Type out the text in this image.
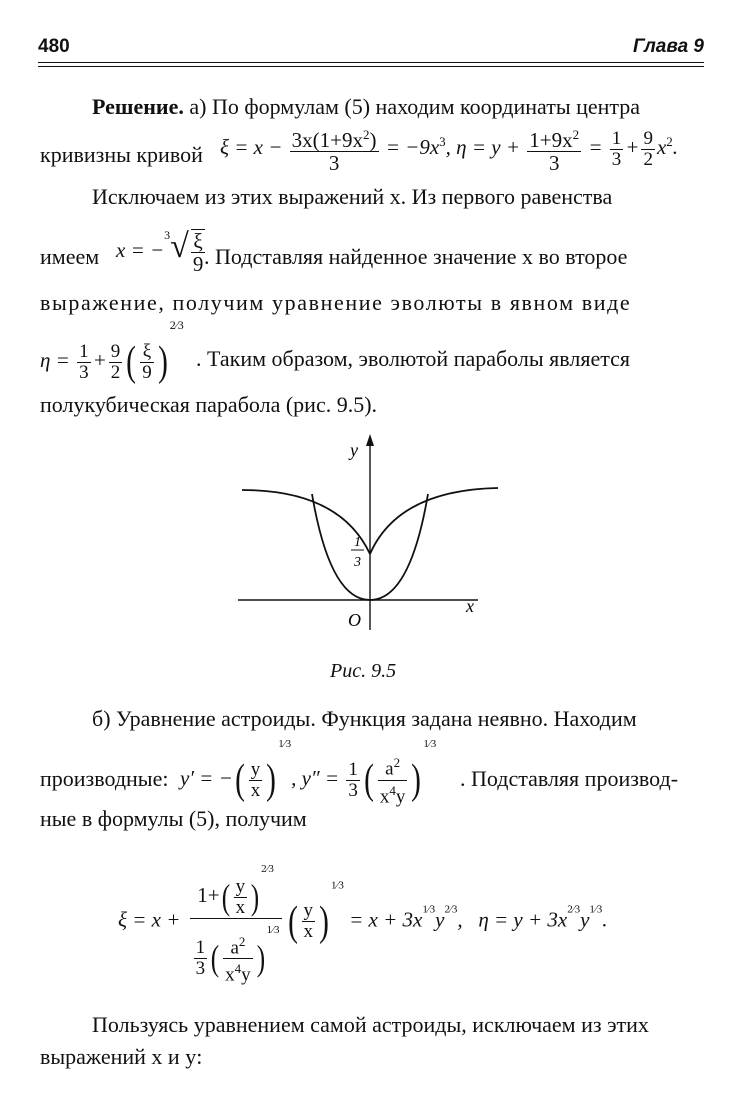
480	Глава 9
Решение. а) По формулам (5) находим координаты центра
кривизны кривой $\xi = x - \frac{3x(1+9x^2)}{3} = -9x^3$, $\eta = y + \frac{1+9x^2}{3} = \frac{1}{3} + \frac{9}{2} x^2$.
Исключаем из этих выражений x. Из первого равенства
имеем $x = -^3√ \frac{\xi}{9}$
. Подставляя найденное значение x во второе
выражение, получим уравнение эволюты в явном виде
$\eta = \frac{1}{3} + \frac{9}{2}$ ( $\frac{\xi}{9} )^{2⁄3}$
. Таким образом, эволютой параболы является
полукубическая парабола (рис. 9.5).
y
x
O
1
3
Рис. 9.5
б) Уравнение астроиды. Функция задана неявно. Находим
производные: y′ = −( $\frac{y}{x} )^{1⁄3}$, $y'' = \frac{1}{3}$ ( $\frac{a^2}{x^4y} )^{1⁄3}$
. Подставляя производ-
ные в формулы (5), получим
$\xi = x + \frac{1+( \frac{y}{x} )^{2⁄3}}{\frac{1}{3} ( \frac{a^2}{x^4y} )^{1⁄3}}$ ( $\frac{y}{x} )^{1⁄3} = x + 3x^{1⁄3}y^{2⁄3}$,   $\eta = y + 3x^{2⁄3}y^{1⁄3}$.
Пользуясь уравнением самой астроиды, исключаем из этих
выражений x и y:
